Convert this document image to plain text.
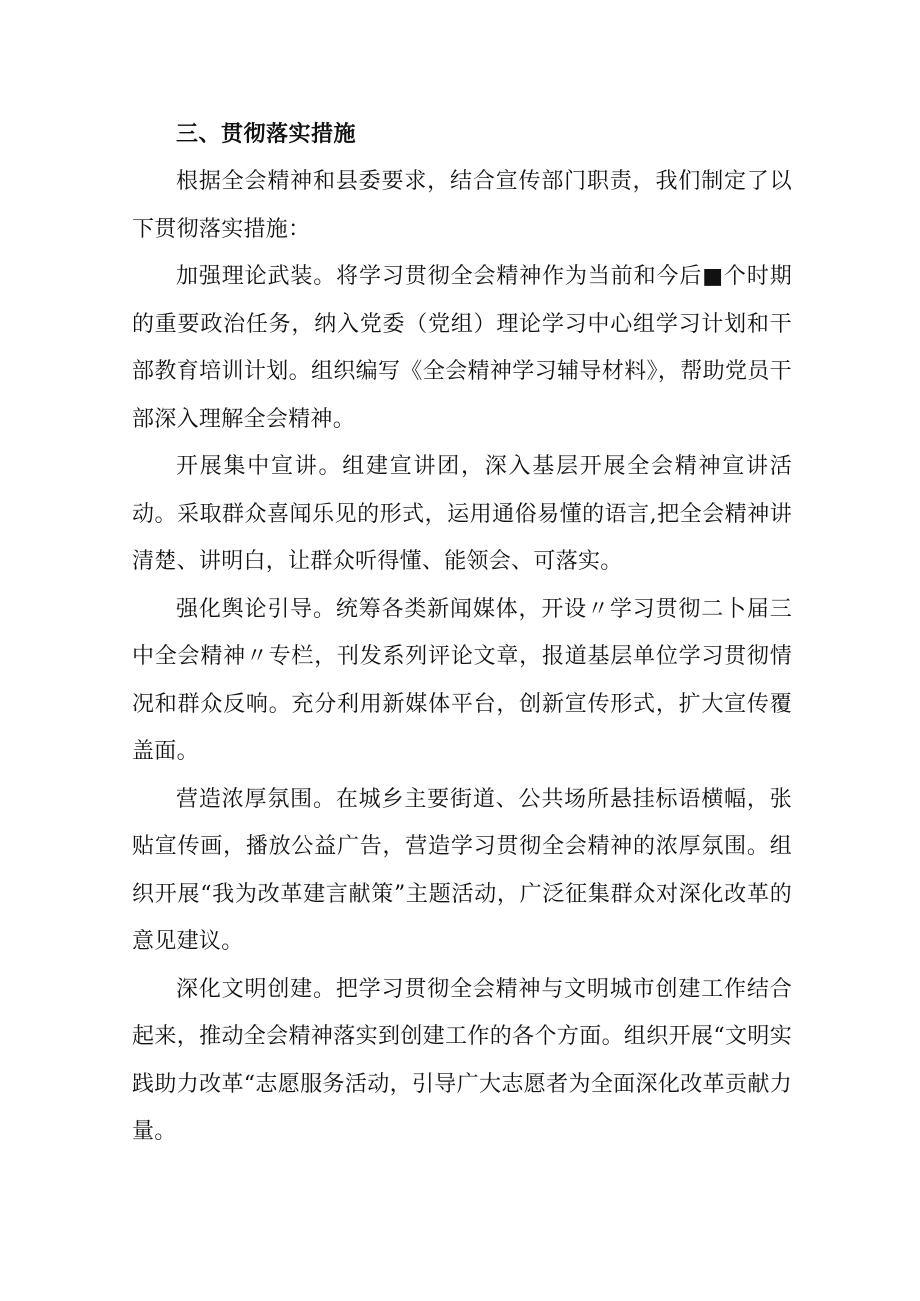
三、贯彻落实措施

根据全会精神和县委要求，结合宣传部门职责，我们制定了以下贯彻落实措施：

加强理论武装。将学习贯彻全会精神作为当前和今后■个时期的重要政治任务，纳入党委（党组）理论学习中心组学习计划和干部教育培训计划。组织编写《全会精神学习辅导材料》，帮助党员干部深入理解全会精神。

开展集中宣讲。组建宣讲团，深入基层开展全会精神宣讲活动。采取群众喜闻乐见的形式，运用通俗易懂的语言,把全会精神讲清楚、讲明白，让群众听得懂、能领会、可落实。

强化舆论引导。统筹各类新闻媒体，开设〃学习贯彻二卜届三中全会精神〃专栏，刊发系列评论文章，报道基层单位学习贯彻情况和群众反响。充分利用新媒体平台，创新宣传形式，扩大宣传覆盖面。

营造浓厚氛围。在城乡主要街道、公共场所悬挂标语横幅，张贴宣传画，播放公益广告，营造学习贯彻全会精神的浓厚氛围。组织开展“我为改革建言献策”主题活动，广泛征集群众对深化改革的意见建议。

深化文明创建。把学习贯彻全会精神与文明城市创建工作结合起来，推动全会精神落实到创建工作的各个方面。组织开展“文明实践助力改革“志愿服务活动，引导广大志愿者为全面深化改革贡献力量。
